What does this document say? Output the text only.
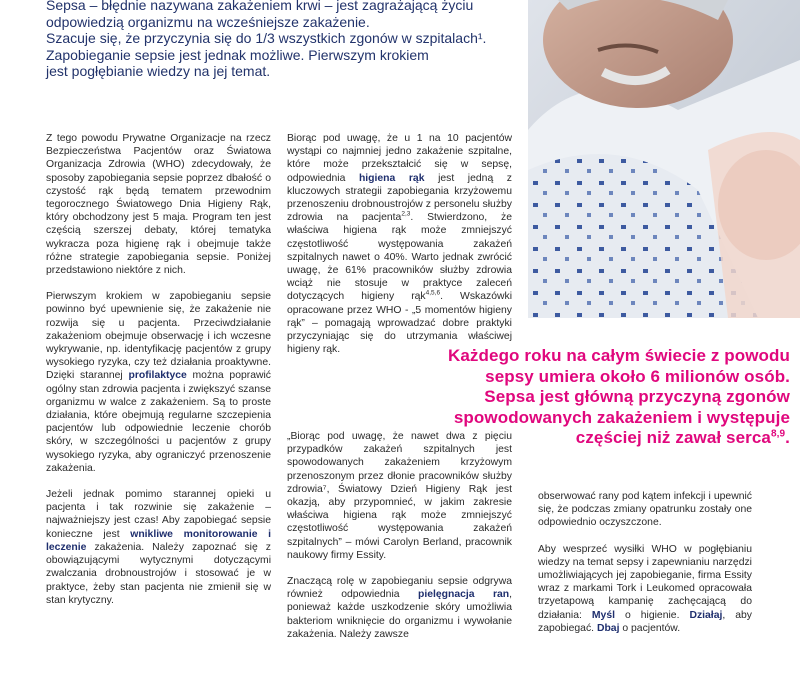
Sepsa – błędnie nazywana zakażeniem krwi – jest zagrażającą życiu

odpowiedzią organizmu na wcześniejsze zakażenie.

Szacuje się, że przyczynia się do 1/3 wszystkich zgonów w szpitalach¹.

Zapobieganie sepsie jest jednak możliwe. Pierwszym krokiem

jest pogłębianie wiedzy na jej temat.

Z tego powodu Prywatne Organizacje na rzecz Bezpieczeństwa Pacjentów oraz Światowa Organizacja Zdrowia (WHO) zdecydowały, że sposoby zapobiegania sepsie poprzez dbałość o czystość rąk będą tematem przewodnim tegorocznego Światowego Dnia Higieny Rąk, który obchodzony jest 5 maja. Program ten jest częścią szerszej debaty, której tematyka wykracza poza higienę rąk i obejmuje także różne strategie zapobiegania sepsie. Poniżej przedstawiono niektóre z nich.

Pierwszym krokiem w zapobieganiu sepsie powinno być upewnienie się, że zakażenie nie rozwija się u pacjenta. Przeciwdziałanie zakażeniom obejmuje obserwację i ich wczesne wykrywanie, np. identyfikację pacjentów z grupy wysokiego ryzyka, czy też działania proaktywne. Dzięki starannej profilaktyce można poprawić ogólny stan zdrowia pacjenta i zwiększyć szanse organizmu w walce z zakażeniem. Są to proste działania, które obejmują regularne szczepienia pacjentów lub odpowiednie leczenie chorób skóry, w szczególności u pacjentów z grupy wysokiego ryzyka, aby ograniczyć przenoszenie zakażenia.

Jeżeli jednak pomimo starannej opieki u pacjenta i tak rozwinie się zakażenie – najważniejszy jest czas! Aby zapobiegać sepsie konieczne jest wnikliwe monitorowanie i leczenie zakażenia. Należy zapoznać się z obowiązującymi wytycznymi dotyczącymi zwalczania drobnoustrojów i stosować je w praktyce, żeby stan pacjenta nie zmienił się w stan krytyczny.

Biorąc pod uwagę, że u 1 na 10 pacjentów wystąpi co najmniej jedno zakażenie szpitalne, które może przekształcić się w sepsę, odpowiednia higiena rąk jest jedną z kluczowych strategii zapobiegania krzyżowemu przenoszeniu drobnoustrojów z personelu służby zdrowia na pacjenta$^{2,3}$. Stwierdzono, że właściwa higiena rąk może zmniejszyć częstotliwość występowania zakażeń szpitalnych nawet o 40%. Warto jednak zwrócić uwagę, że 61% pracowników służby zdrowia wciąż nie stosuje w praktyce zaleceń dotyczących higieny rąk$^{4,5,6}$. Wskazówki opracowane przez WHO - „5 momentów higieny rąk” – pomagają wprowadzać dobre praktyki przyczyniając się do utrzymania właściwej higieny rąk.

„Biorąc pod uwagę, że nawet dwa z pięciu przypadków zakażeń szpitalnych jest spowodowanych zakażeniem krzyżowym przenoszonym przez dłonie pracowników służby zdrowia⁷, Światowy Dzień Higieny Rąk jest okazją, aby przypomnieć, w jakim zakresie właściwa higiena rąk może zmniejszyć częstotliwość występowania zakażeń szpitalnych” – mówi Carolyn Berland, pracownik naukowy firmy Essity.

Znaczącą rolę w zapobieganiu sepsie odgrywa również odpowiednia pielęgnacja ran, ponieważ każde uszkodzenie skóry umożliwia bakteriom wniknięcie do organizmu i wywołanie zakażenia. Należy zawsze

Każdego roku na całym świecie z powodu sepsy umiera około 6 milionów osób. Sepsa jest główną przyczyną zgonów spowodowanych zakażeniem i występuje częściej niż zawał serca$^{8,9}$.

obserwować rany pod kątem infekcji i upewnić się, że podczas zmiany opatrunku zostały one odpowiednio oczyszczone.

Aby wesprzeć wysiłki WHO w pogłębianiu wiedzy na temat sepsy i zapewnianiu narzędzi umożliwiających jej zapobieganie, firma Essity wraz z markami Tork i Leukomed opracowała trzyetapową kampanię zachęcającą do działania: Myśl o higienie. Działaj, aby zapobiegać. Dbaj o pacjentów.
